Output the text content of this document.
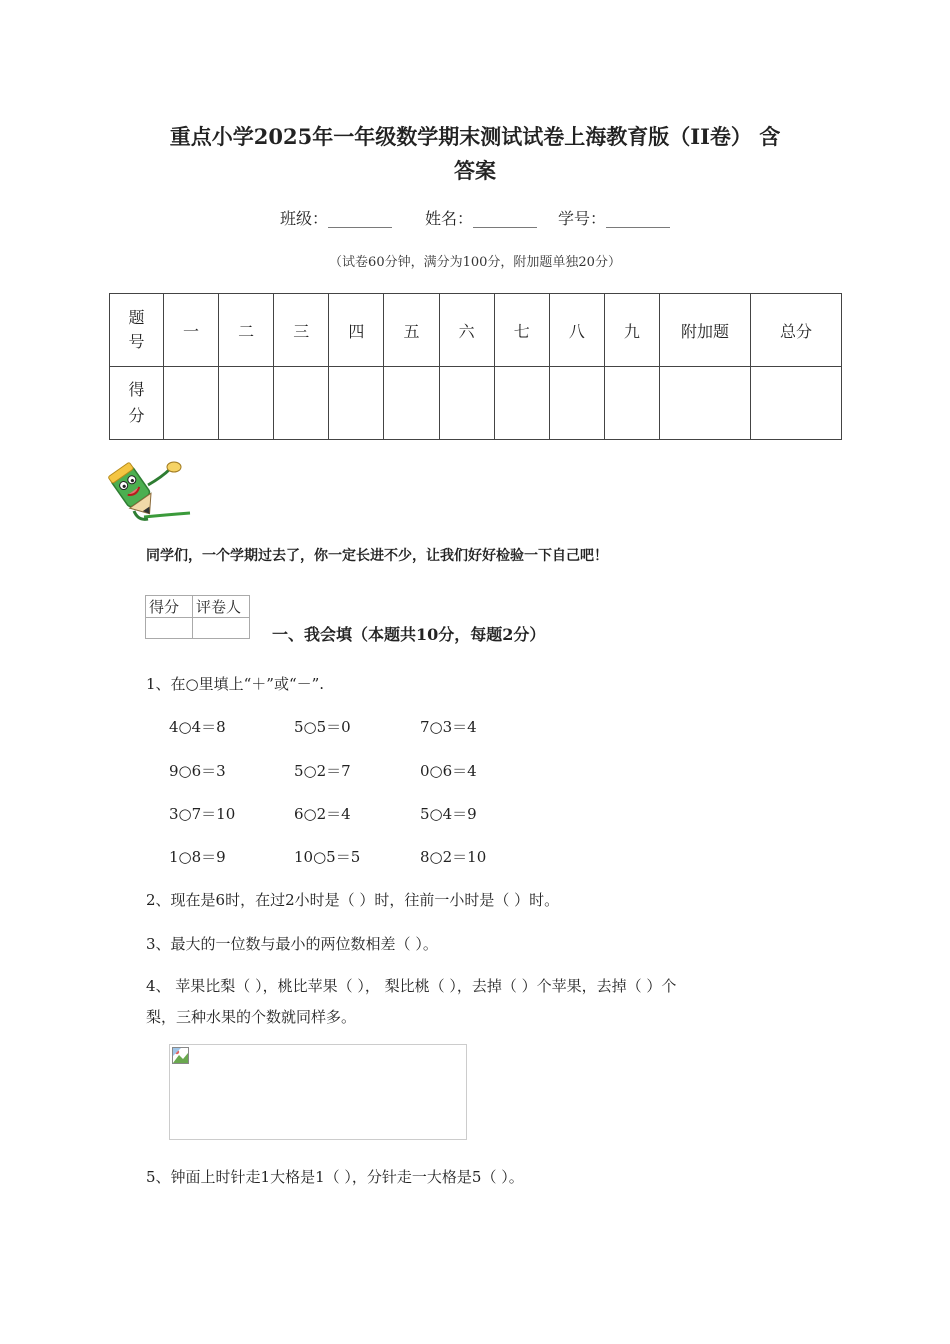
重点小学2025年一年级数学期末测试试卷上海教育版（II卷） 含
答案
班级：________ 姓名：________ 学号：________
（试卷60分钟，满分为100分，附加题单独20分）
题号	一	二	三	四	五	六	七	八	九	附加题	总分

得分											

同学们，一个学期过去了，你一定长进不少，让我们好好检验一下自己吧！
得分	评卷人

一、我会填（本题共10分，每题2分）
1、在○里填上“＋”或“－”.
4○4＝8	5○5＝0	7○3＝4
9○6＝3	5○2＝7	0○6＝4
3○7＝10	6○2＝4	5○4＝9
1○8＝9	10○5＝5	8○2＝10
2、现在是6时，在过2小时是（ ）时，往前一小时是（ ）时。
3、最大的一位数与最小的两位数相差（ ）。
4、 苹果比梨（ ），桃比苹果（ ）， 梨比桃（ ），去掉（ ）个苹果，去掉（ ）个
梨，三种水果的个数就同样多。
5、钟面上时针走1大格是1（ ），分针走一大格是5（ ）。
